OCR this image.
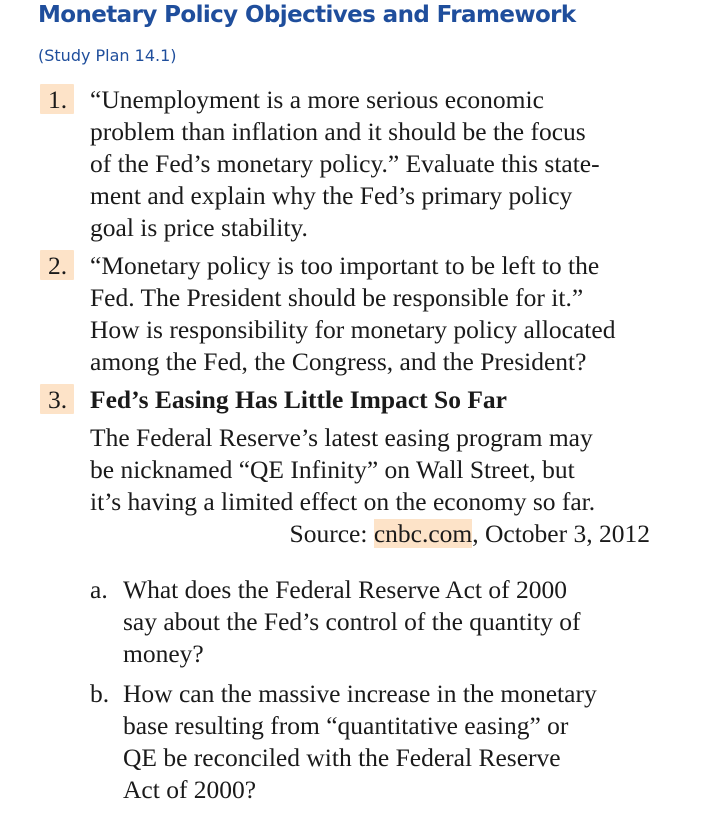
Monetary Policy Objectives and Framework
(Study Plan 14.1)
1. “Unemployment is a more serious economic
problem than inflation and it should be the focus
of the Fed’s monetary policy.” Evaluate this state-
ment and explain why the Fed’s primary policy
goal is price stability.
2. “Monetary policy is too important to be left to the
Fed. The President should be responsible for it.”
How is responsibility for monetary policy allocated
among the Fed, the Congress, and the President?
3. Fed’s Easing Has Little Impact So Far
The Federal Reserve’s latest easing program may
be nicknamed “QE Infinity” on Wall Street, but
it’s having a limited effect on the economy so far.
Source: cnbc.com, October 3, 2012
a. What does the Federal Reserve Act of 2000
say about the Fed’s control of the quantity of
money?
b. How can the massive increase in the monetary
base resulting from “quantitative easing” or
QE be reconciled with the Federal Reserve
Act of 2000?
